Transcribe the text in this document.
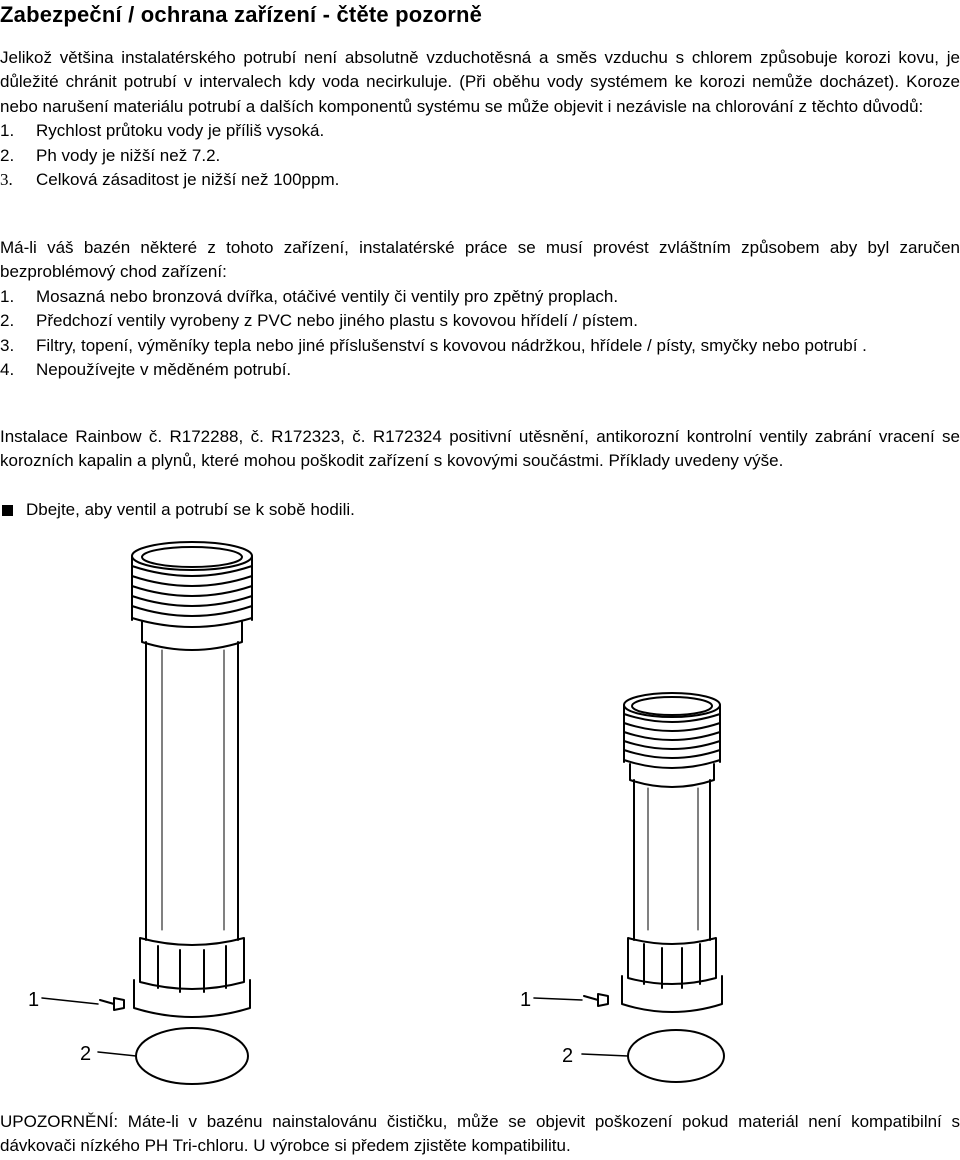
Zabezpeční / ochrana zařízení - čtěte pozorně
Jelikož většina instalatérského potrubí není absolutně vzduchotěsná a směs vzduchu s chlorem způsobuje korozi kovu, je důležité chránit potrubí v intervalech kdy voda necirkuluje. (Při oběhu vody systémem ke korozi nemůže docházet). Koroze nebo narušení materiálu potrubí a dalších komponentů systému se může objevit i nezávisle na chlorování z těchto důvodů:
1.	Rychlost průtoku vody je příliš vysoká.
2.	Ph vody je nižší než 7.2.
3.	Celková zásaditost je nižší než 100ppm.
Má-li váš bazén některé z tohoto zařízení, instalatérské práce se musí provést zvláštním způsobem aby byl zaručen bezproblémový chod zařízení:
1.	Mosazná nebo bronzová dvířka, otáčivé ventily či ventily pro zpětný proplach.
2.	Předchozí ventily vyrobeny z PVC nebo jiného plastu s kovovou hřídelí / pístem.
3.	Filtry, topení, výměníky tepla nebo jiné příslušenství s kovovou nádržkou, hřídele / písty, smyčky nebo potrubí .
4.	Nepoužívejte v měděném potrubí.
Instalace Rainbow č. R172288, č. R172323, č. R172324 positivní utěsnění, antikorozní kontrolní ventily zabrání vracení se korozních kapalin a plynů, které mohou poškodit zařízení s kovovými součástmi. Příklady uvedeny výše.
Dbejte, aby ventil a potrubí se k sobě hodili.
1
2
1
2
UPOZORNĚNÍ: Máte-li v bazénu nainstalovánu čističku, může se objevit poškození pokud materiál není kompatibilní s dávkovači nízkého PH Tri-chloru. U výrobce si předem zjistěte kompatibilitu.
